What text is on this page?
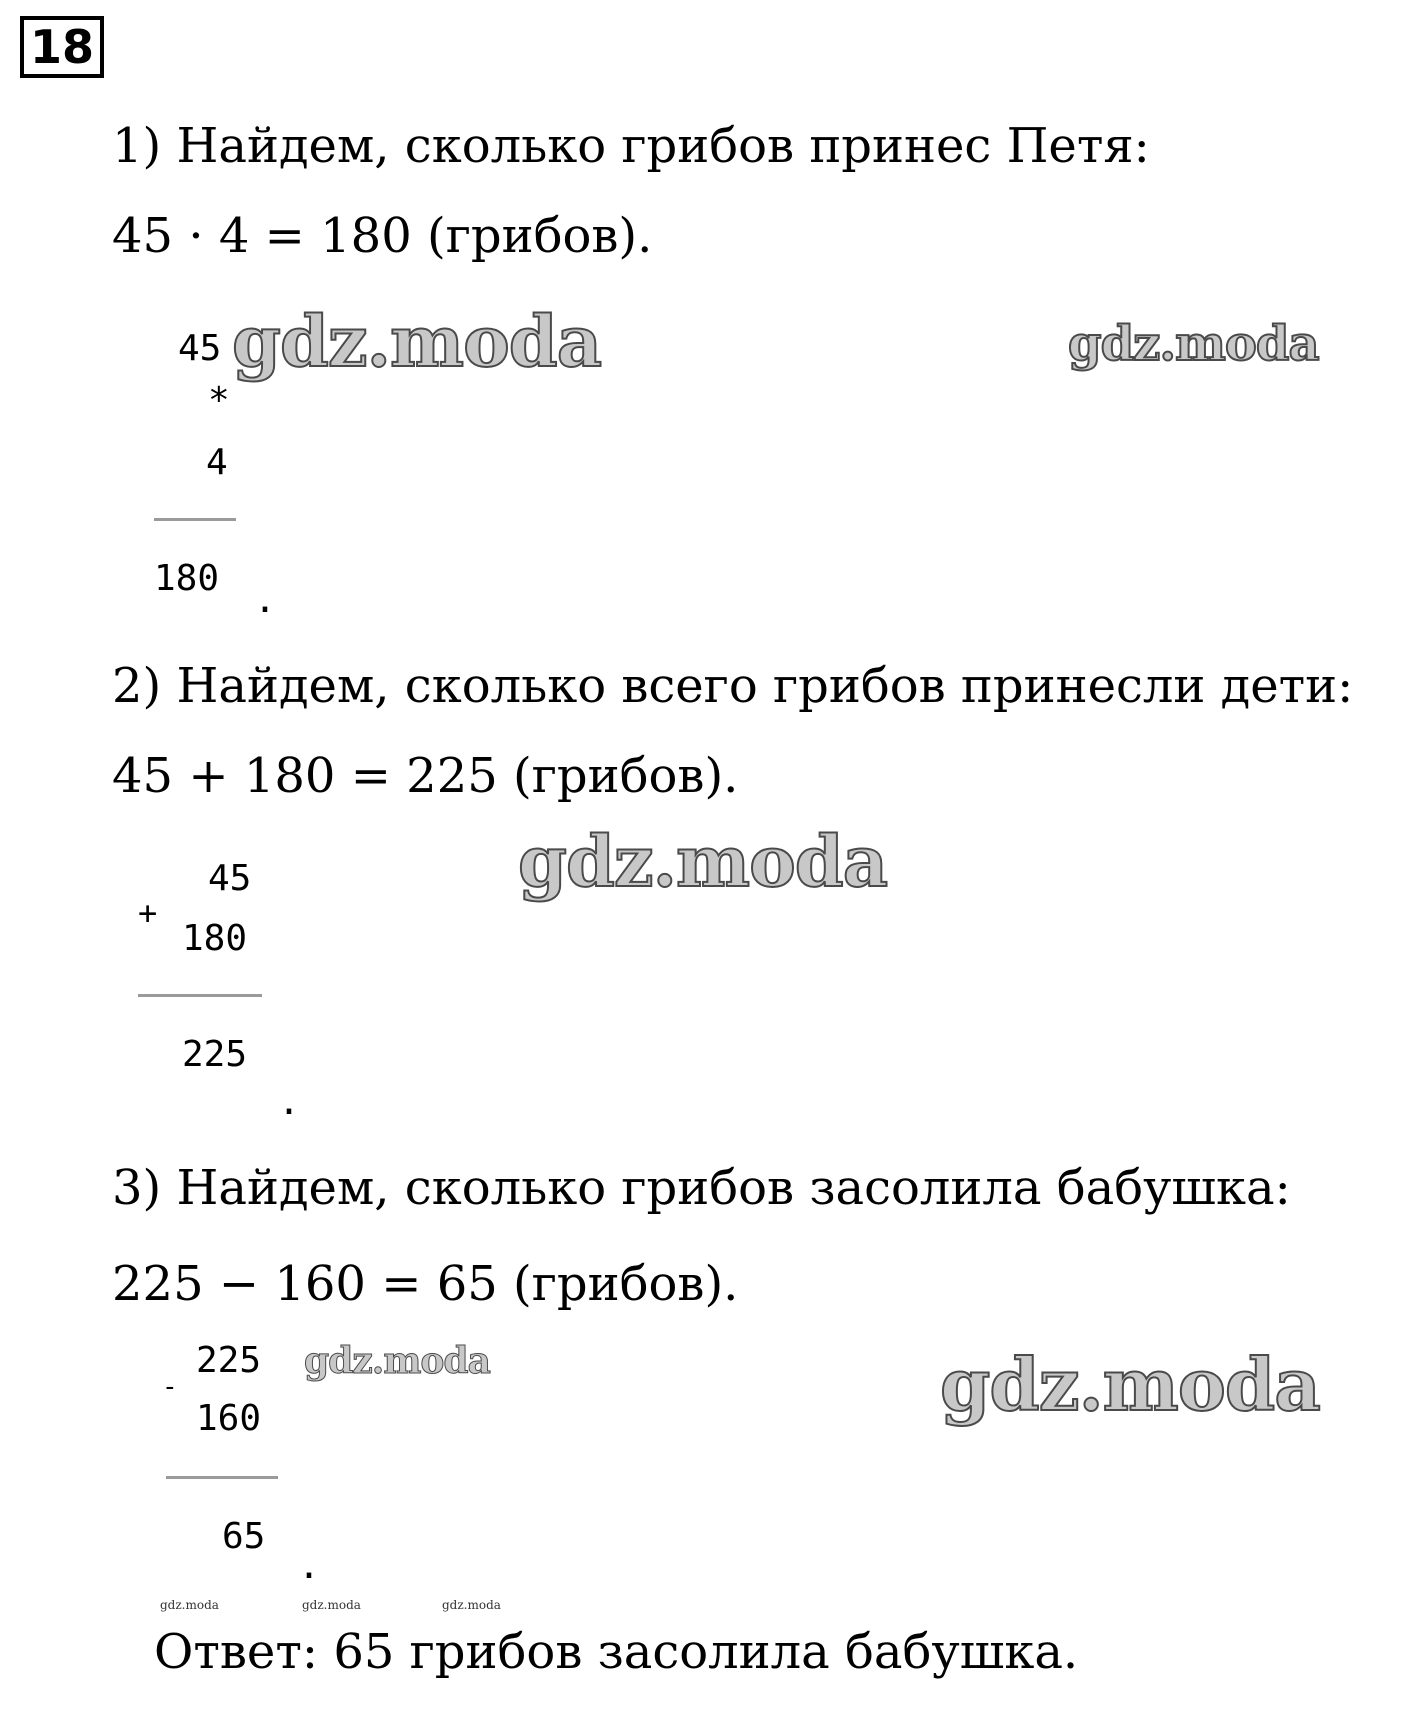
18
1) Найдем, сколько грибов принес Петя:
45 · 4 = 180 (грибов).
45
*
4
180 .
2) Найдем, сколько всего грибов принесли дети:
45 + 180 = 225 (грибов).
45
+
180
225
.
3) Найдем, сколько грибов засолила бабушка:
225 − 160 = 65 (грибов).
225
-
160
65
.
Ответ: 65 грибов засолила бабушка.
gdz.moda	gdz.moda
gdz.moda
gdz.moda	gdz.moda
gdz.moda	gdz.moda	gdz.moda
